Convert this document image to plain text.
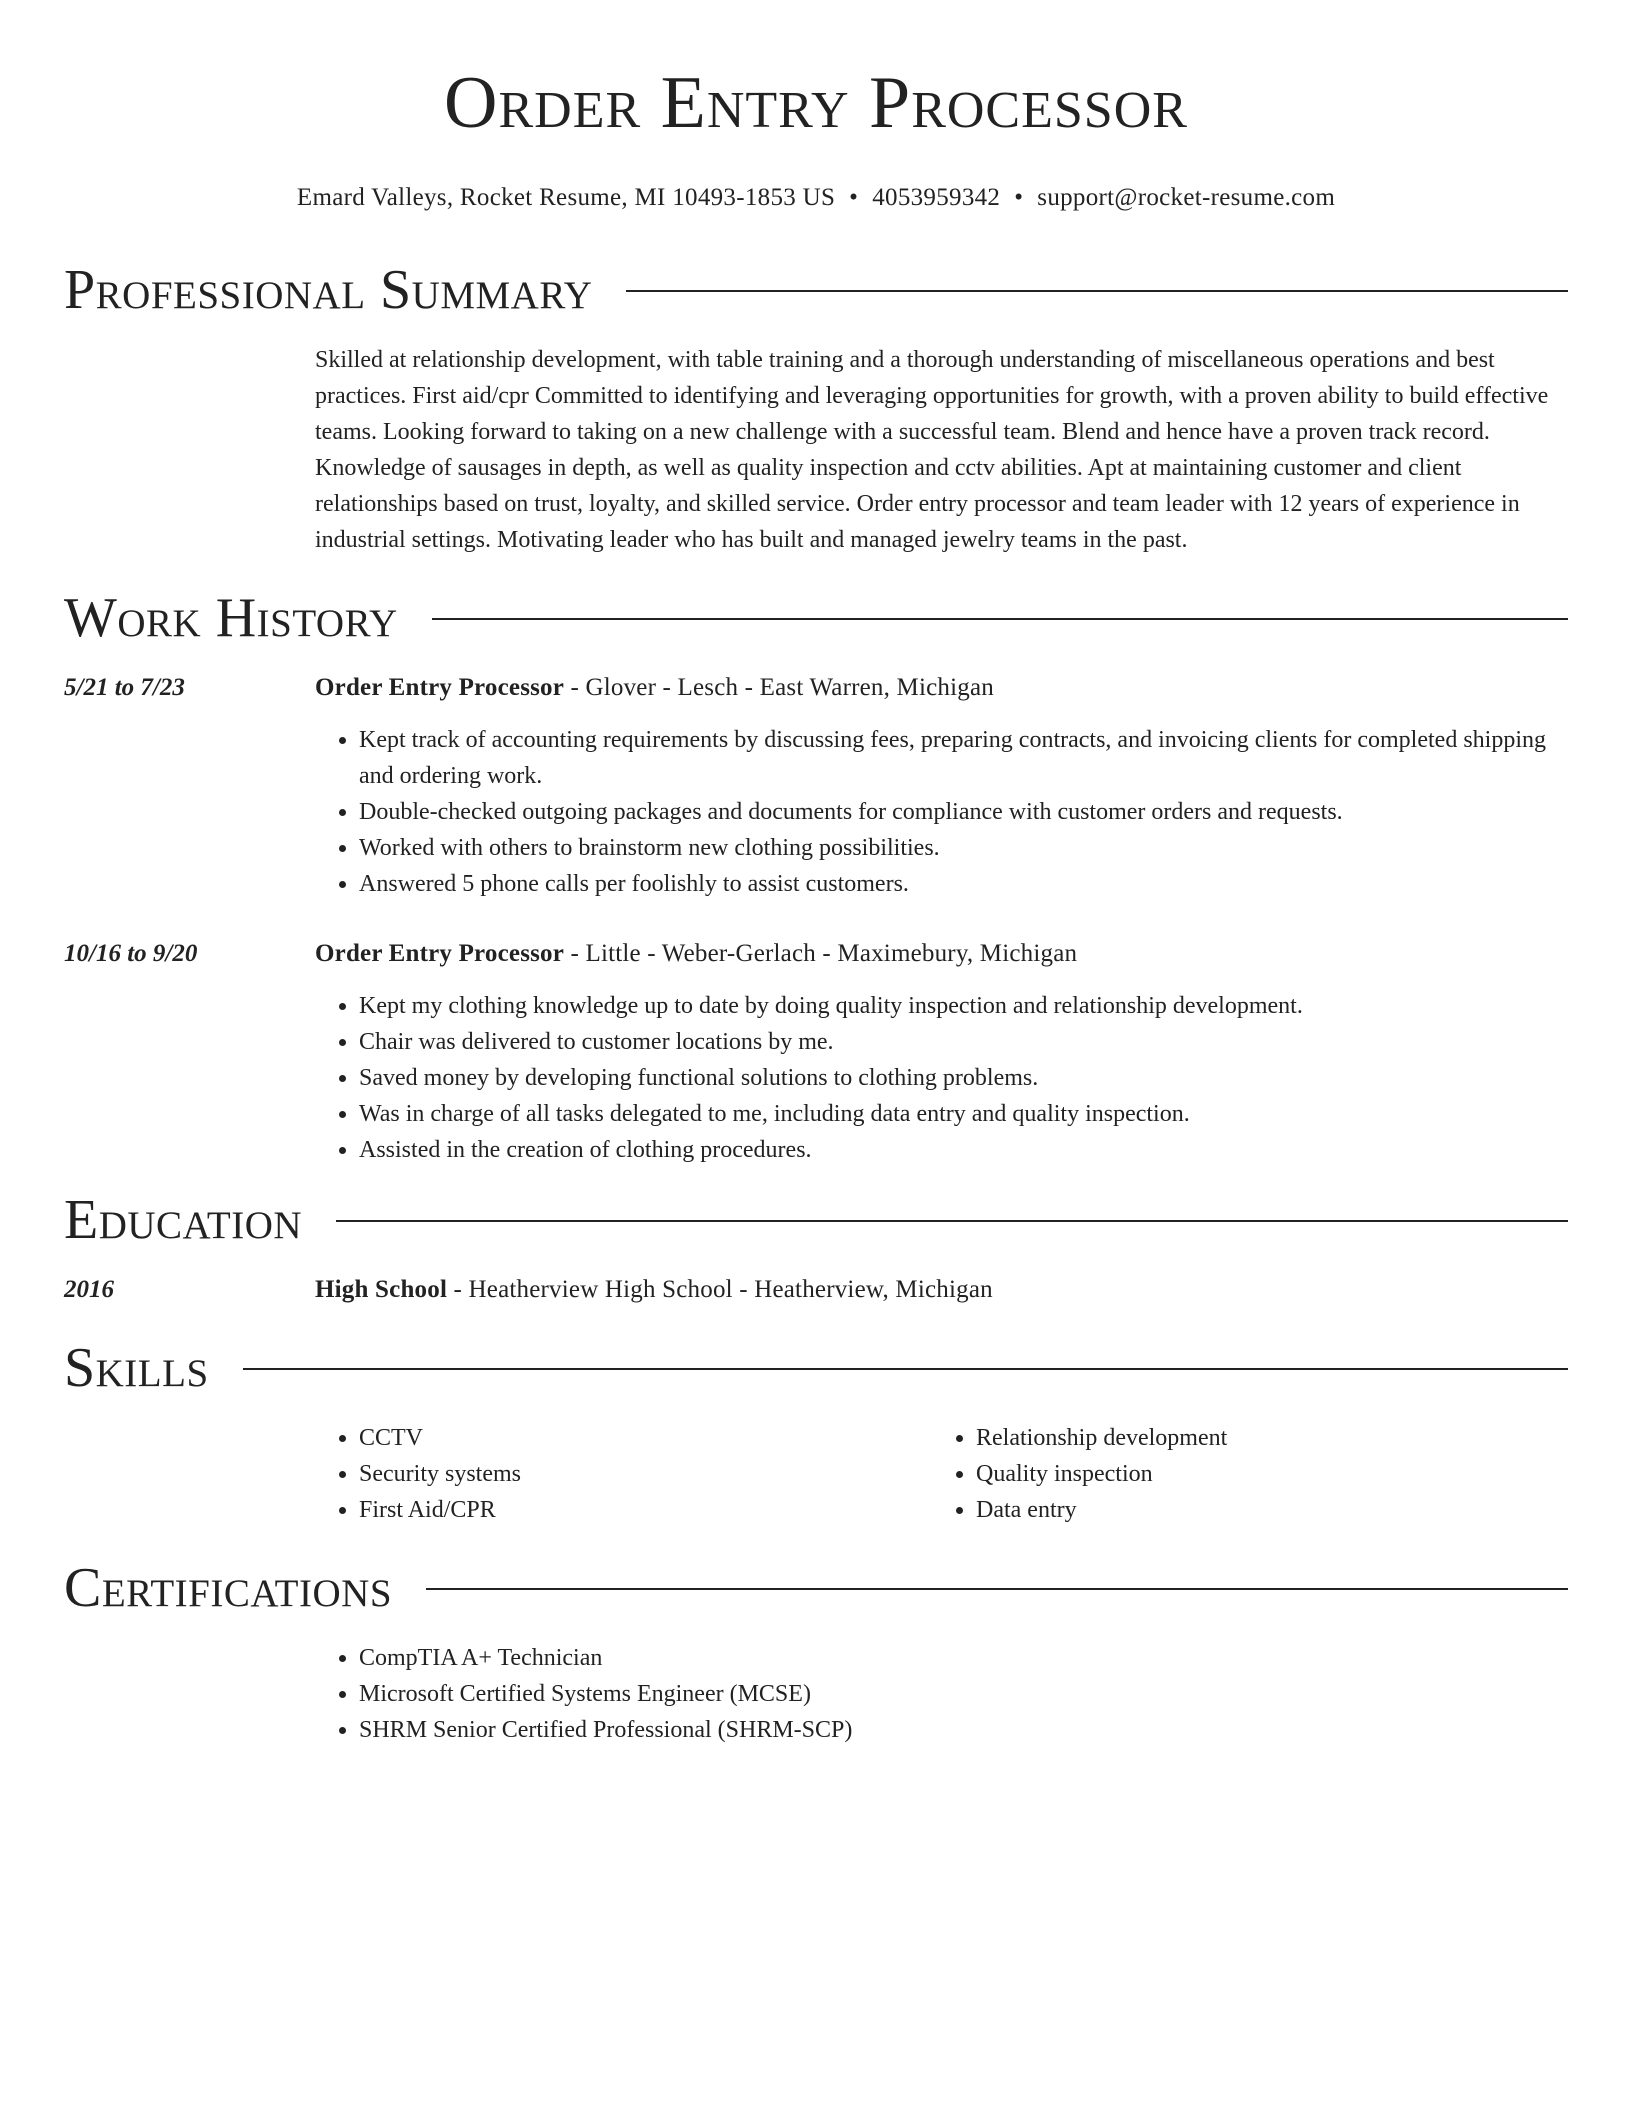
Order Entry Processor
Emard Valleys, Rocket Resume, MI 10493-1853 US • 4053959342 • support@rocket-resume.com
Professional Summary
Skilled at relationship development, with table training and a thorough understanding of miscellaneous operations and best practices. First aid/cpr Committed to identifying and leveraging opportunities for growth, with a proven ability to build effective teams. Looking forward to taking on a new challenge with a successful team. Blend and hence have a proven track record. Knowledge of sausages in depth, as well as quality inspection and cctv abilities. Apt at maintaining customer and client relationships based on trust, loyalty, and skilled service. Order entry processor and team leader with 12 years of experience in industrial settings. Motivating leader who has built and managed jewelry teams in the past.
Work History
5/21 to 7/23	Order Entry Processor - Glover - Lesch - East Warren, Michigan
• Kept track of accounting requirements by discussing fees, preparing contracts, and invoicing clients for completed shipping and ordering work.
• Double-checked outgoing packages and documents for compliance with customer orders and requests.
• Worked with others to brainstorm new clothing possibilities.
• Answered 5 phone calls per foolishly to assist customers.
10/16 to 9/20	Order Entry Processor - Little - Weber-Gerlach - Maximebury, Michigan
• Kept my clothing knowledge up to date by doing quality inspection and relationship development.
• Chair was delivered to customer locations by me.
• Saved money by developing functional solutions to clothing problems.
• Was in charge of all tasks delegated to me, including data entry and quality inspection.
• Assisted in the creation of clothing procedures.
Education
2016	High School - Heatherview High School - Heatherview, Michigan
Skills
• CCTV
• Security systems
• First Aid/CPR
• Relationship development
• Quality inspection
• Data entry
Certifications
• CompTIA A+ Technician
• Microsoft Certified Systems Engineer (MCSE)
• SHRM Senior Certified Professional (SHRM-SCP)
